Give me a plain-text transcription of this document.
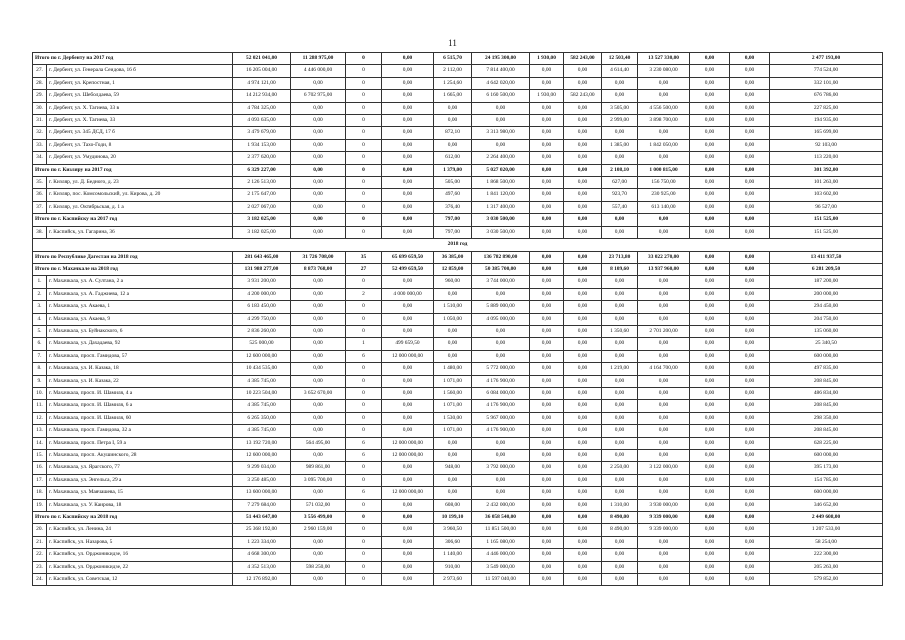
11
Итого по г. Дербенту на 2017 год		52 021 041,00	11 288 975,00	0	0,00	6 515,70	24 195 300,00	1 930,00	582 243,00	12 503,40	13 527 330,00	0,00	0,00	2 477 193,00
27.	г. Дербент, ул. Генерала Сеидова, 16 б	16 205 004,00	4 446 000,00	0	0,00	2 112,00	7 814 400,00	0,00	0,00	4 614,40	3 230 080,00	0,00	0,00	774 524,00
28.	г. Дербент, ул. Крепостная, 1	4 974 121,00	0,00	0	0,00	1 254,60	4 642 020,00	0,00	0,00	0,00	0,00	0,00	0,00	332 101,00
29.	г. Дербент, ул. Шеболдаева, 59	14 212 934,00	6 702 975,00	0	0,00	1 665,00	6 160 500,00	1 930,00	582 243,00	0,00	0,00	0,00	0,00	676 786,00
30.	г. Дербент, ул. Х. Тагиева, 33 в	4 784 325,00	0,00	0	0,00	0,00	0,00	0,00	0,00	3 505,00	4 556 500,00	0,00	0,00	227 825,00
31.	г. Дербент, ул. Х. Тагиева, 33	4 093 635,00	0,00	0	0,00	0,00	0,00	0,00	0,00	2 999,00	3 898 700,00	0,00	0,00	194 935,00
32.	г. Дербент, ул. 345 ДСД, 17 б	3 479 679,00	0,00	0	0,00	872,10	3 313 980,00	0,00	0,00	0,00	0,00	0,00	0,00	165 699,00
33.	г. Дербент, ул. Тахо-Годи, 8	1 934 153,00	0,00	0	0,00	0,00	0,00	0,00	0,00	1 385,00	1 842 050,00	0,00	0,00	92 103,00
34.	г. Дербент, ул. Умудинова, 20	2 377 620,00	0,00	0	0,00	612,00	2 264 400,00	0,00	0,00	0,00	0,00	0,00	0,00	113 220,00
Итого по г. Кизляру на 2017 год		6 329 227,00	0,00	0	0,00	1 379,00	5 027 020,00	0,00	0,00	2 108,10	1 000 815,00	0,00	0,00	301 392,00
35.	г. Кизляр, ул. Д. Бедного, д. 23	2 126 513,00	0,00	0	0,00	505,00	1 868 500,00	0,00	0,00	627,00	156 750,00	0,00	0,00	101 263,00
36.	г. Кизляр, пос. Комсомольский, ул. Кирова, д. 20	2 175 647,00	0,00	0	0,00	497,60	1 841 120,00	0,00	0,00	923,70	230 925,00	0,00	0,00	103 602,00
37.	г. Кизляр, ул. Октябрьская, д. 1 а	2 027 067,00	0,00	0	0,00	376,40	1 317 400,00	0,00	0,00	557,40	613 140,00	0,00	0,00	96 527,00
Итого по г. Каспийску на 2017 год		3 182 025,00	0,00	0	0,00	797,00	3 030 500,00	0,00	0,00	0,00	0,00	0,00	0,00	151 525,00
38.	г. Каспийск, ул. Гагарина, 36	3 182 025,00	0,00	0	0,00	797,00	3 030 500,00	0,00	0,00	0,00	0,00	0,00	0,00	151 525,00
2018 год														
Итого по Республике Дагестан на 2018 год		281 643 465,00	31 726 708,00	35	65 699 659,50	36 385,00	136 782 890,00	0,00	0,00	23 713,80	33 022 270,00	0,00	0,00	13 411 937,50
Итого по г. Махачкале на 2018 год		131 988 277,00	8 873 768,00	27	52 499 659,50	12 859,00	50 385 700,00	0,00	0,00	8 109,60	13 937 960,00	0,00	0,00	6 281 209,50
1.	г. Махачкала, ул. А. Султана, 2 а	3 931 200,00	0,00	0	0,00	960,00	3 744 000,00	0,00	0,00	0,00	0,00	0,00	0,00	187 200,00
2.	г. Махачкала, ул. А. Гаджиева, 12 а	4 200 000,00	0,00	2	4 000 000,00	0,00	0,00	0,00	0,00	0,00	0,00	0,00	0,00	200 000,00
3.	г. Махачкала, ул. Акаева, 1	6 183 450,00	0,00	0	0,00	1 510,00	5 889 000,00	0,00	0,00	0,00	0,00	0,00	0,00	294 450,00
4.	г. Махачкала, ул. Акаева, 9	4 299 750,00	0,00	0	0,00	1 050,00	4 095 000,00	0,00	0,00	0,00	0,00	0,00	0,00	204 750,00
5.	г. Махачкала, ул. Буйнакского, 6	2 836 260,00	0,00	0	0,00	0,00	0,00	0,00	0,00	1 350,60	2 701 200,00	0,00	0,00	135 060,00
6.	г. Махачкала, ул. Дахадаева, 92	525 000,00	0,00	1	499 659,50	0,00	0,00	0,00	0,00	0,00	0,00	0,00	0,00	25 340,50
7.	г. Махачкала, просп. Гамидова, 57	12 600 000,00	0,00	6	12 000 000,00	0,00	0,00	0,00	0,00	0,00	0,00	0,00	0,00	600 000,00
8.	г. Махачкала, ул. И. Казака, 18	10 434 535,00	0,00	0	0,00	1 480,00	5 772 000,00	0,00	0,00	1 219,00	4 164 700,00	0,00	0,00	497 835,00
9.	г. Махачкала, ул. И. Казака, 22	4 385 745,00	0,00	0	0,00	1 071,00	4 176 900,00	0,00	0,00	0,00	0,00	0,00	0,00	208 845,00
10.	г. Махачкала, просп. И. Шамиля, 4 а	10 223 504,00	3 652 670,00	0	0,00	1 560,00	6 084 000,00	0,00	0,00	0,00	0,00	0,00	0,00	486 834,00
11.	г. Махачкала, просп. И. Шамиля, 6 а	4 385 745,00	0,00	0	0,00	1 071,00	4 176 900,00	0,00	0,00	0,00	0,00	0,00	0,00	208 845,00
12.	г. Махачкала, просп. И. Шамиля, 60	6 265 350,00	0,00	0	0,00	1 530,00	5 967 000,00	0,00	0,00	0,00	0,00	0,00	0,00	298 350,00
13.	г. Махачкала, просп. Гамидова, 32 а	4 385 745,00	0,00	0	0,00	1 071,00	4 176 900,00	0,00	0,00	0,00	0,00	0,00	0,00	208 845,00
14.	г. Махачкала, просп. Петра I, 59 а	13 192 720,00	564 495,00	6	12 000 000,00	0,00	0,00	0,00	0,00	0,00	0,00	0,00	0,00	628 225,00
15.	г. Махачкала, просп. Акушинского, 28	12 600 000,00	0,00	6	12 000 000,00	0,00	0,00	0,00	0,00	0,00	0,00	0,00	0,00	600 000,00
16.	г. Махачкала, ул. Ярагского, 77	9 299 034,00	989 861,00	0	0,00	948,00	3 792 000,00	0,00	0,00	2 250,00	3 122 000,00	0,00	0,00	395 173,00
17.	г. Махачкала, ул. Энгельса, 29 а	3 250 485,00	3 095 700,00	0	0,00	0,00	0,00	0,00	0,00	0,00	0,00	0,00	0,00	154 785,00
18.	г. Махачкала, ул. Маячашева, 15	13 600 000,00	0,00	6	12 000 000,00	0,00	0,00	0,00	0,00	0,00	0,00	0,00	0,00	600 000,00
19.	г. Махачкала, ул. У. Каирова, 18	7 279 684,00	571 032,00	0	0,00	608,00	2 432 000,00	0,00	0,00	1 310,00	3 930 000,00	0,00	0,00	346 652,00
Итого по г. Каспийску на 2018 год		51 443 647,00	3 556 499,00	0	0,00	10 199,10	36 058 540,00	0,00	0,00	8 490,00	9 339 000,00	0,00	0,00	2 449 608,00
20.	г. Каспийск, ул. Ленина, 24	25 368 192,00	2 960 159,00	0	0,00	3 960,50	11 851 500,00	0,00	0,00	8 490,00	9 339 000,00	0,00	0,00	1 207 533,00
21.	г. Каспийск, ул. Назарова, 5	1 223 334,00	0,00	0	0,00	306,60	1 165 080,00	0,00	0,00	0,00	0,00	0,00	0,00	58 254,00
22.	г. Каспийск, ул. Орджоникидзе, 16	4 668 300,00	0,00	0	0,00	1 140,00	4 446 000,00	0,00	0,00	0,00	0,00	0,00	0,00	222 300,00
23.	г. Каспийск, ул. Орджоникидзе, 22	4 352 513,00	598 250,00	0	0,00	910,00	3 549 000,00	0,00	0,00	0,00	0,00	0,00	0,00	205 263,00
24.	г. Каспийск, ул. Советская, 12	12 176 892,00	0,00	0	0,00	2 973,60	11 597 040,00	0,00	0,00	0,00	0,00	0,00	0,00	579 852,00
